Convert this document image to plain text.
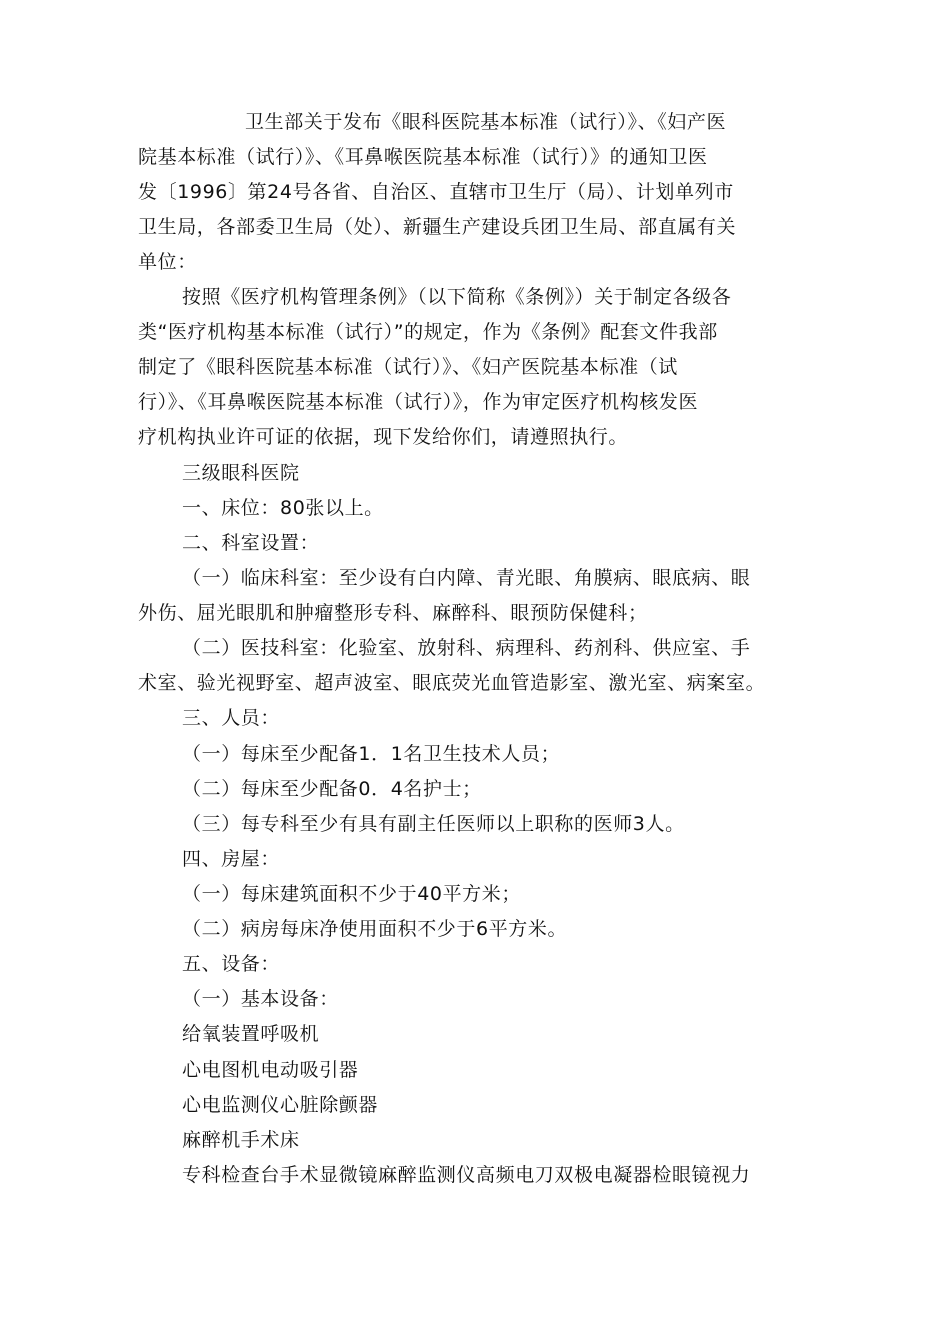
卫生部关于发布《眼科医院基本标准（试行）》、《妇产医
院基本标准（试行）》、《耳鼻喉医院基本标准（试行）》的通知卫医
发〔1996〕第24号各省、自治区、直辖市卫生厅（局）、计划单列市
卫生局，各部委卫生局（处）、新疆生产建设兵团卫生局、部直属有关
单位：
按照《医疗机构管理条例》（以下简称《条例》）关于制定各级各
类“医疗机构基本标准（试行）”的规定，作为《条例》配套文件我部
制定了《眼科医院基本标准（试行）》、《妇产医院基本标准（试
行）》、《耳鼻喉医院基本标准（试行）》，作为审定医疗机构核发医
疗机构执业许可证的依据，现下发给你们，请遵照执行。
三级眼科医院
一、床位：80张以上。
二、科室设置：
（一）临床科室：至少设有白内障、青光眼、角膜病、眼底病、眼
外伤、屈光眼肌和肿瘤整形专科、麻醉科、眼预防保健科；
（二）医技科室：化验室、放射科、病理科、药剂科、供应室、手
术室、验光视野室、超声波室、眼底荧光血管造影室、激光室、病案室。
三、人员：
（一）每床至少配备1．1名卫生技术人员；
（二）每床至少配备0．4名护士；
（三）每专科至少有具有副主任医师以上职称的医师3人。
四、房屋：
（一）每床建筑面积不少于40平方米；
（二）病房每床净使用面积不少于6平方米。
五、设备：
（一）基本设备：
给氧装置呼吸机
心电图机电动吸引器
心电监测仪心脏除颤器
麻醉机手术床
专科检查台手术显微镜麻醉监测仪高频电刀双极电凝器检眼镜视力
